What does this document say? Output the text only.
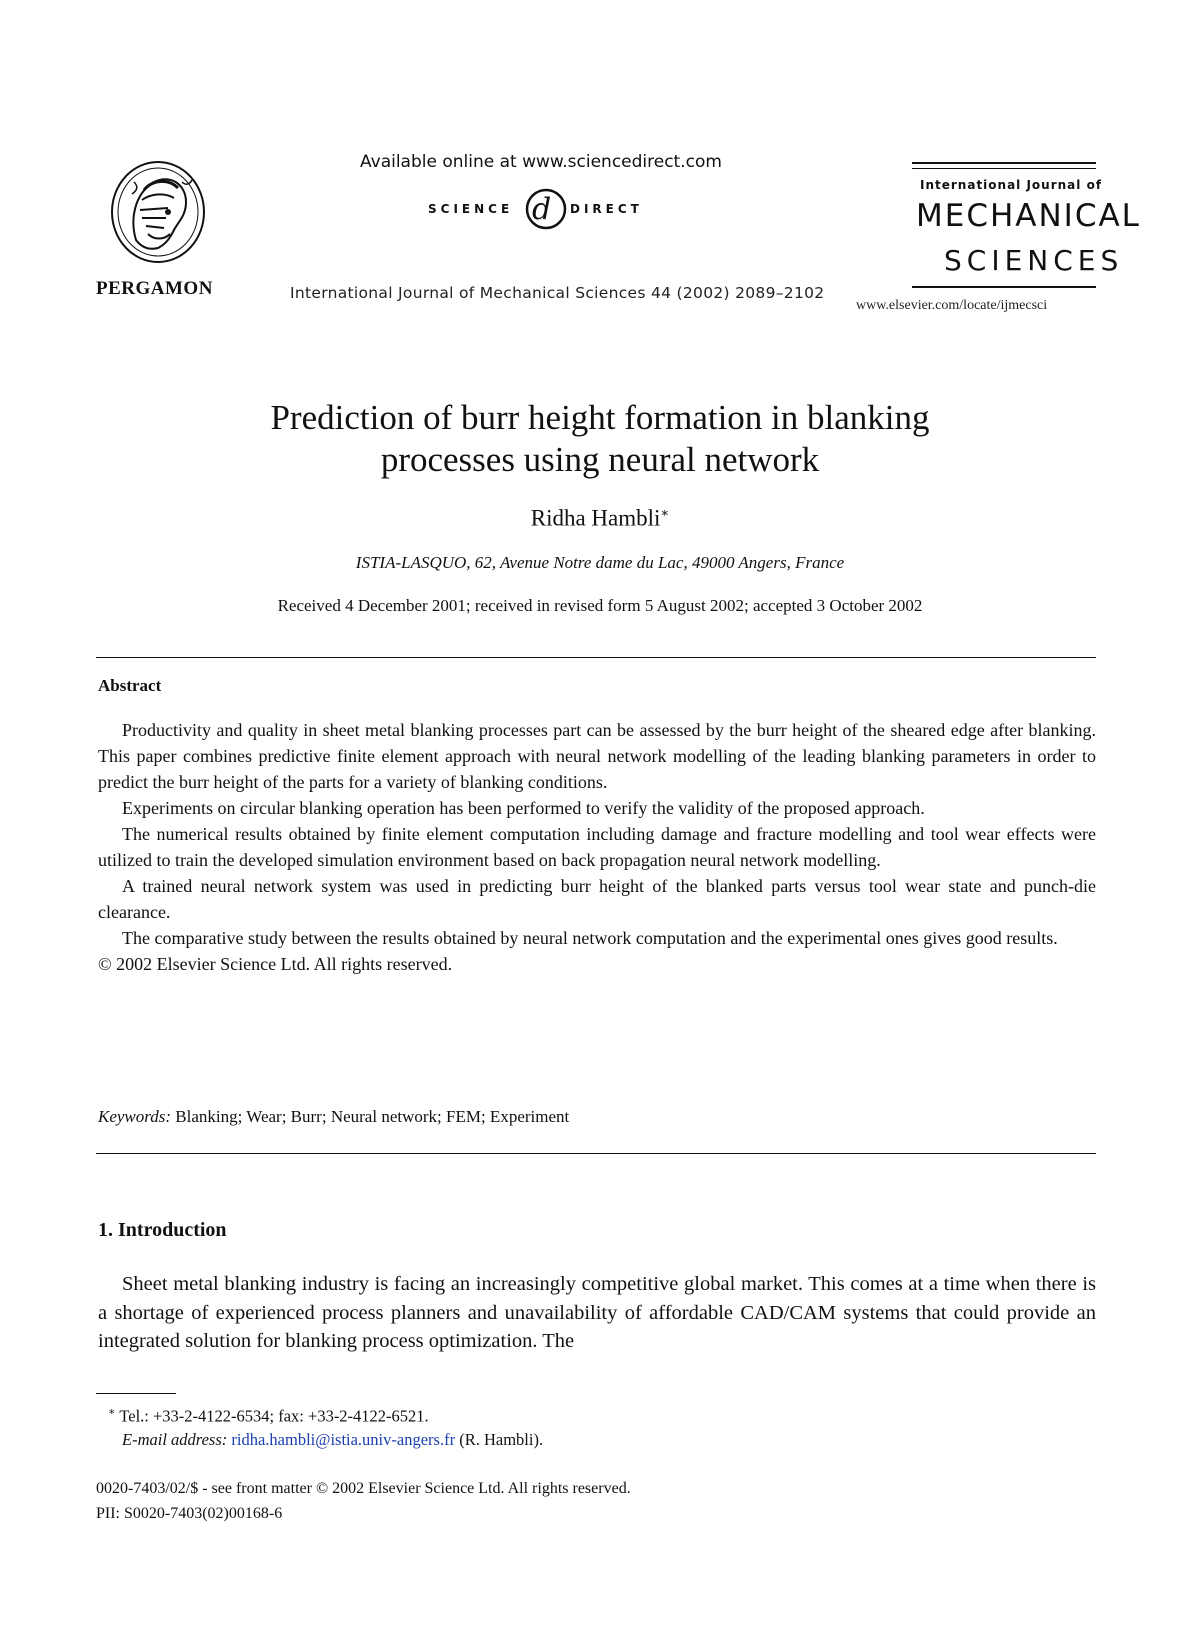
PERGAMON
Available online at www.sciencedirect.com
SCIENCE d DIRECT
International Journal of Mechanical Sciences 44 (2002) 2089–2102
International Journal of
MECHANICAL
SCIENCES
www.elsevier.com/locate/ijmecsci
Prediction of burr height formation in blanking
processes using neural network
Ridha Hambli∗
ISTIA-LASQUO, 62, Avenue Notre dame du Lac, 49000 Angers, France
Received 4 December 2001; received in revised form 5 August 2002; accepted 3 October 2002
Abstract

Productivity and quality in sheet metal blanking processes part can be assessed by the burr height of the sheared edge after blanking. This paper combines predictive finite element approach with neural network modelling of the leading blanking parameters in order to predict the burr height of the parts for a variety of blanking conditions.

Experiments on circular blanking operation has been performed to verify the validity of the proposed approach.

The numerical results obtained by finite element computation including damage and fracture modelling and tool wear effects were utilized to train the developed simulation environment based on back propagation neural network modelling.

A trained neural network system was used in predicting burr height of the blanked parts versus tool wear state and punch-die clearance.

The comparative study between the results obtained by neural network computation and the experimental ones gives good results.

© 2002 Elsevier Science Ltd. All rights reserved.

Keywords: Blanking; Wear; Burr; Neural network; FEM; Experiment
1. Introduction

Sheet metal blanking industry is facing an increasingly competitive global market. This comes at a time when there is a shortage of experienced process planners and unavailability of affordable CAD/CAM systems that could provide an integrated solution for blanking process optimization. The

∗ Tel.: +33-2-4122-6534; fax: +33-2-4122-6521.
E-mail address: ridha.hambli@istia.univ-angers.fr (R. Hambli).
0020-7403/02/$ - see front matter © 2002 Elsevier Science Ltd. All rights reserved.
PII: S0020-7403(02)00168-6
